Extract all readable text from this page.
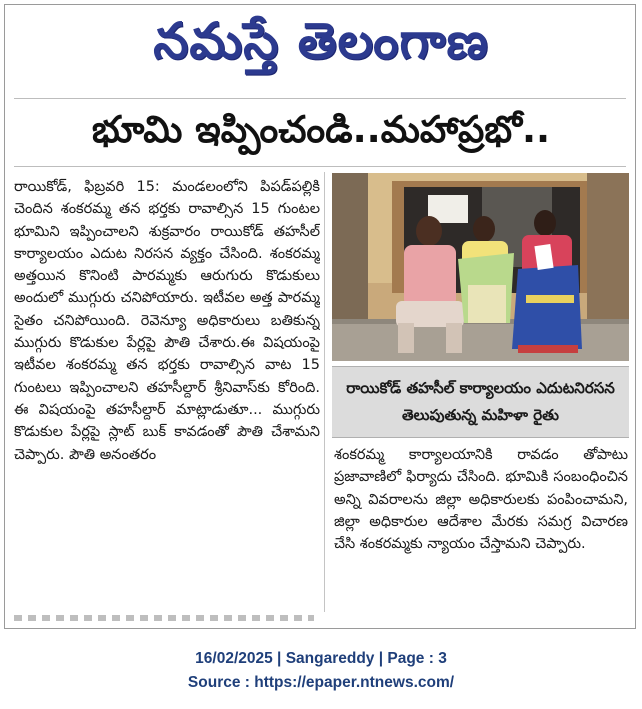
నమస్తే తెలంగాణ
భూమి ఇప్పించండి..మహాప్రభో..

రాయికోడ్‌, ఫిబ్రవరి 15: మండలంలోని పిపడ్‌పల్లికి చెందిన శంకరమ్మ తన భర్తకు రావాల్సిన 15 గుంటల భూమిని ఇప్పించాలని శుక్రవారం రాయికోడ్‌ తహసీల్‌ కార్యాలయం ఎదుట నిరసన వ్యక్తం చేసింది. శంకరమ్మ అత్తయిన కొనింటి పారమ్మకు ఆరుగురు కొడుకులు అందులో ముగ్గురు చనిపోయారు. ఇటీవల అత్త పారమ్మ సైతం చనిపోయింది. రెవెన్యూ అధికారులు బతికున్న ముగ్గురు కొడుకుల పేర్లపై పౌతి చేశారు.ఈ విషయంపై ఇటీవల శంకరమ్మ తన భర్తకు రావాల్సిన వాట 15 గుంటలు ఇప్పించాలని తహసీల్దార్‌ శ్రీనివాస్‌కు కోరింది. ఈ విషయంపై తహసీల్దార్‌ మాట్లాడుతూ... ముగ్గురు కొడుకుల పేర్లపై స్లాట్‌ బుక్‌ కావడంతో పౌతి చేశామని చెప్పారు. పౌతి అనంతరం

రాయికోడ్‌ తహసీల్‌ కార్యాలయం ఎదుటనిరసన తెలుపుతున్న మహిళా రైతు

శంకరమ్మ కార్యాలయానికి రావడం తోపాటు ప్రజావాణిలో ఫిర్యాదు చేసింది. భూమికి సంబంధించిన అన్ని వివరాలను జిల్లా అధికారులకు పంపించామని, జిల్లా అధికారుల ఆదేశాల మేరకు సమగ్ర విచారణ చేసి శంకరమ్మకు న్యాయం చేస్తామని చెప్పారు.

16/02/2025 | Sangareddy | Page : 3
Source : https://epaper.ntnews.com/
